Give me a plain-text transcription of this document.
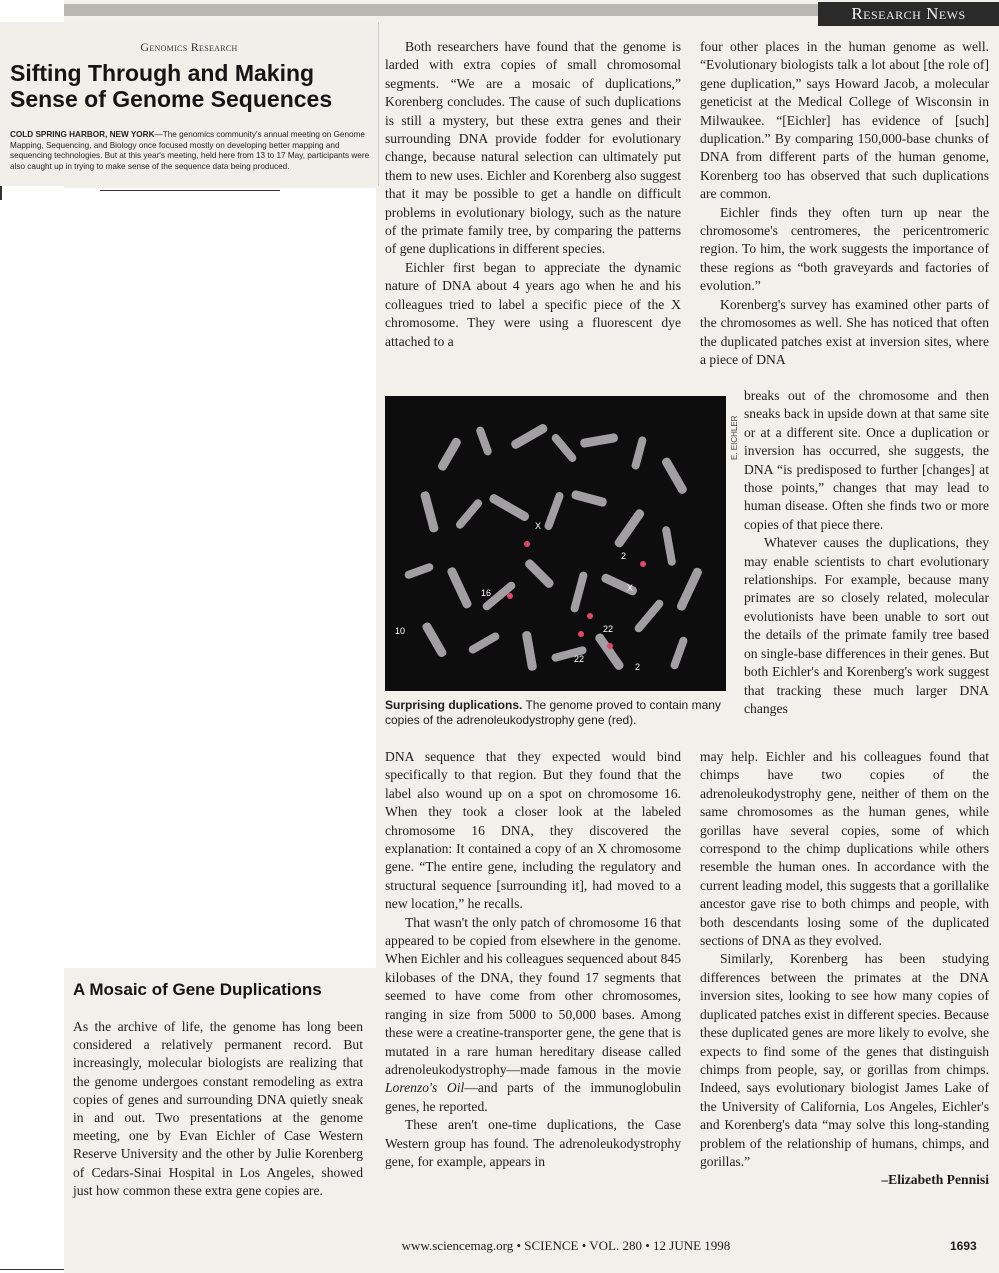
Research News
Genomics Research
Sifting Through and Making Sense of Genome Sequences
COLD SPRING HARBOR, NEW YORK—The genomics community's annual meeting on Genome Mapping, Sequencing, and Biology once focused mostly on developing better mapping and sequencing technologies. But at this year's meeting, held here from 13 to 17 May, participants were also caught up in trying to make sense of the sequence data being produced.

Both researchers have found that the genome is larded with extra copies of small chromosomal segments. “We are a mosaic of duplications,” Korenberg concludes. The cause of such duplications is still a mystery, but these extra genes and their surrounding DNA provide fodder for evolutionary change, because natural selection can ultimately put them to new uses. Eichler and Korenberg also suggest that it may be possible to get a handle on difficult problems in evolutionary biology, such as the nature of the primate family tree, by comparing the patterns of gene duplications in different species.

Eichler first began to appreciate the dynamic nature of DNA about 4 years ago when he and his colleagues tried to label a specific piece of the X chromosome. They were using a fluorescent dye attached to a

four other places in the human genome as well. “Evolutionary biologists talk a lot about [the role of] gene duplication,” says Howard Jacob, a molecular geneticist at the Medical College of Wisconsin in Milwaukee. “[Eichler] has evidence of [such] duplication.” By comparing 150,000-base chunks of DNA from different parts of the human genome, Korenberg too has observed that such duplications are common.

Eichler finds they often turn up near the chromosome's centromeres, the pericentromeric region. To him, the work suggests the importance of these regions as “both graveyards and factories of evolution.”

Korenberg's survey has examined other parts of the chromosomes as well. She has noticed that often the duplicated patches exist at inversion sites, where a piece of DNA

X
16
10
2
X
22
22
2
E. EICHLER
Surprising duplications. The genome proved to contain many copies of the adrenoleukodystrophy gene (red).

breaks out of the chromosome and then sneaks back in upside down at that same site or at a different site. Once a duplication or inversion has occurred, she suggests, the DNA “is predisposed to further [changes] at those points,” changes that may lead to human disease. Often she finds two or more copies of that piece there.

Whatever causes the duplications, they may enable scientists to chart evolutionary relationships. For example, because many primates are so closely related, molecular evolutionists have been unable to sort out the details of the primate family tree based on single-base differences in their genes. But both Eichler's and Korenberg's work suggest that tracking these much larger DNA changes

DNA sequence that they expected would bind specifically to that region. But they found that the label also wound up on a spot on chromosome 16. When they took a closer look at the labeled chromosome 16 DNA, they discovered the explanation: It contained a copy of an X chromosome gene. “The entire gene, including the regulatory and structural sequence [surrounding it], had moved to a new location,” he recalls.

That wasn't the only patch of chromosome 16 that appeared to be copied from elsewhere in the genome. When Eichler and his colleagues sequenced about 845 kilobases of the DNA, they found 17 segments that seemed to have come from other chromosomes, ranging in size from 5000 to 50,000 bases. Among these were a creatine-transporter gene, the gene that is mutated in a rare human hereditary disease called adrenoleukodystrophy—made famous in the movie Lorenzo's Oil—and parts of the immunoglobulin genes, he reported.

These aren't one-time duplications, the Case Western group has found. The adrenoleukodystrophy gene, for example, appears in

may help. Eichler and his colleagues found that chimps have two copies of the adrenoleukodystrophy gene, neither of them on the same chromosomes as the human genes, while gorillas have several copies, some of which correspond to the chimp duplications while others resemble the human ones. In accordance with the current leading model, this suggests that a gorillalike ancestor gave rise to both chimps and people, with both descendants losing some of the duplicated sections of DNA as they evolved.

Similarly, Korenberg has been studying differences between the primates at the DNA inversion sites, looking to see how many copies of duplicated patches exist in different species. Because these duplicated genes are more likely to evolve, she expects to find some of the genes that distinguish chimps from people, say, or gorillas from chimps. Indeed, says evolutionary biologist James Lake of the University of California, Los Angeles, Eichler's and Korenberg's data “may solve this long-standing problem of the relationship of humans, chimps, and gorillas.”

–Elizabeth Pennisi

A Mosaic of Gene Duplications

As the archive of life, the genome has long been considered a relatively permanent record. But increasingly, molecular biologists are realizing that the genome undergoes constant remodeling as extra copies of genes and surrounding DNA quietly sneak in and out. Two presentations at the genome meeting, one by Evan Eichler of Case Western Reserve University and the other by Julie Korenberg of Cedars-Sinai Hospital in Los Angeles, showed just how common these extra gene copies are.

www.sciencemag.org • SCIENCE • VOL. 280 • 12 JUNE 1998	1693
